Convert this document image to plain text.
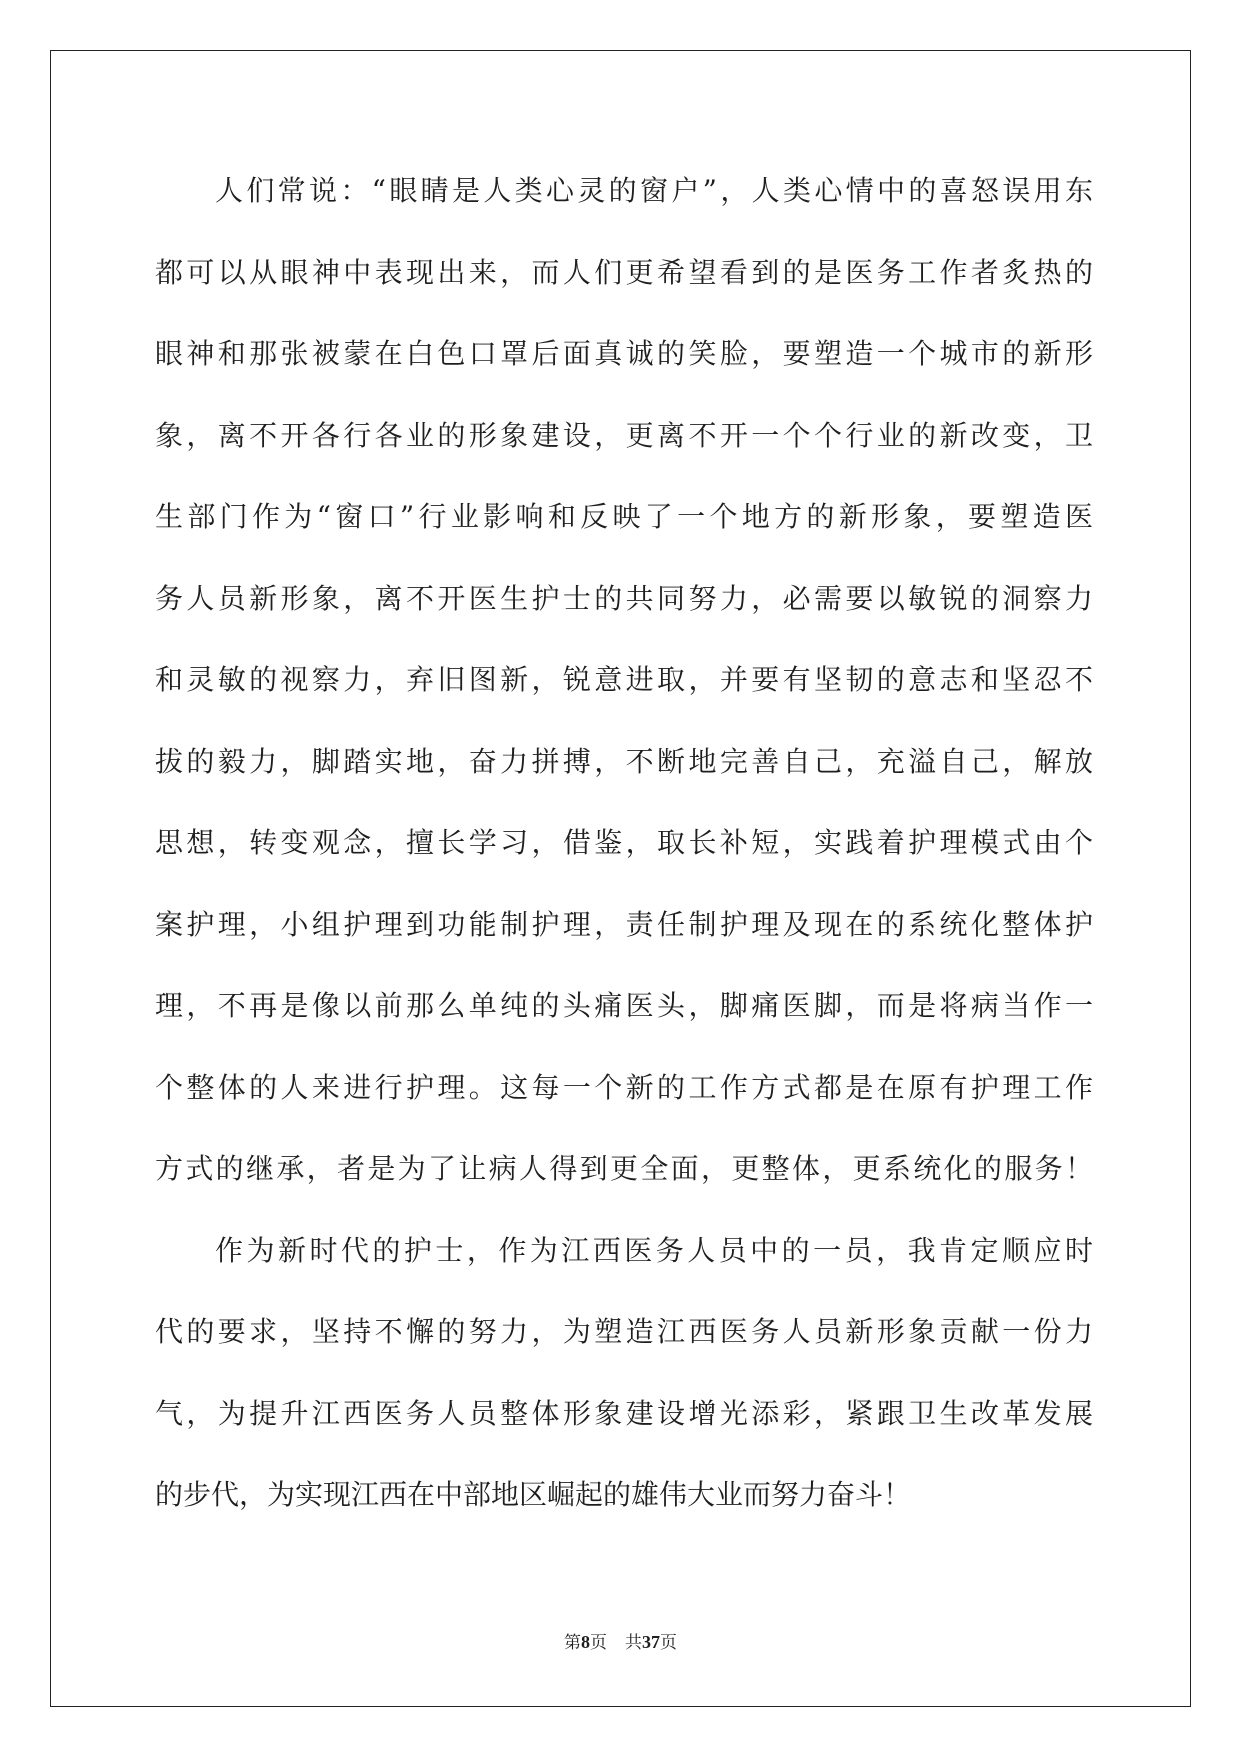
人们常说：“眼睛是人类心灵的窗户”，人类心情中的喜怒误用东
都可以从眼神中表现出来，而人们更希望看到的是医务工作者炙热的
眼神和那张被蒙在白色口罩后面真诚的笑脸，要塑造一个城市的新形
象，离不开各行各业的形象建设，更离不开一个个行业的新改变，卫
生部门作为“窗口”行业影响和反映了一个地方的新形象，要塑造医
务人员新形象，离不开医生护士的共同努力，必需要以敏锐的洞察力
和灵敏的视察力，弃旧图新，锐意进取，并要有坚韧的意志和坚忍不
拔的毅力，脚踏实地，奋力拼搏，不断地完善自己，充溢自己，解放
思想，转变观念，擅长学习，借鉴，取长补短，实践着护理模式由个
案护理，小组护理到功能制护理，责任制护理及现在的系统化整体护
理，不再是像以前那么单纯的头痛医头，脚痛医脚，而是将病当作一
个整体的人来进行护理。这每一个新的工作方式都是在原有护理工作
方式的继承，者是为了让病人得到更全面，更整体，更系统化的服务！
作为新时代的护士，作为江西医务人员中的一员，我肯定顺应时
代的要求，坚持不懈的努力，为塑造江西医务人员新形象贡献一份力
气，为提升江西医务人员整体形象建设增光添彩，紧跟卫生改革发展
的步代，为实现江西在中部地区崛起的雄伟大业而努力奋斗！
第8页 共37页
